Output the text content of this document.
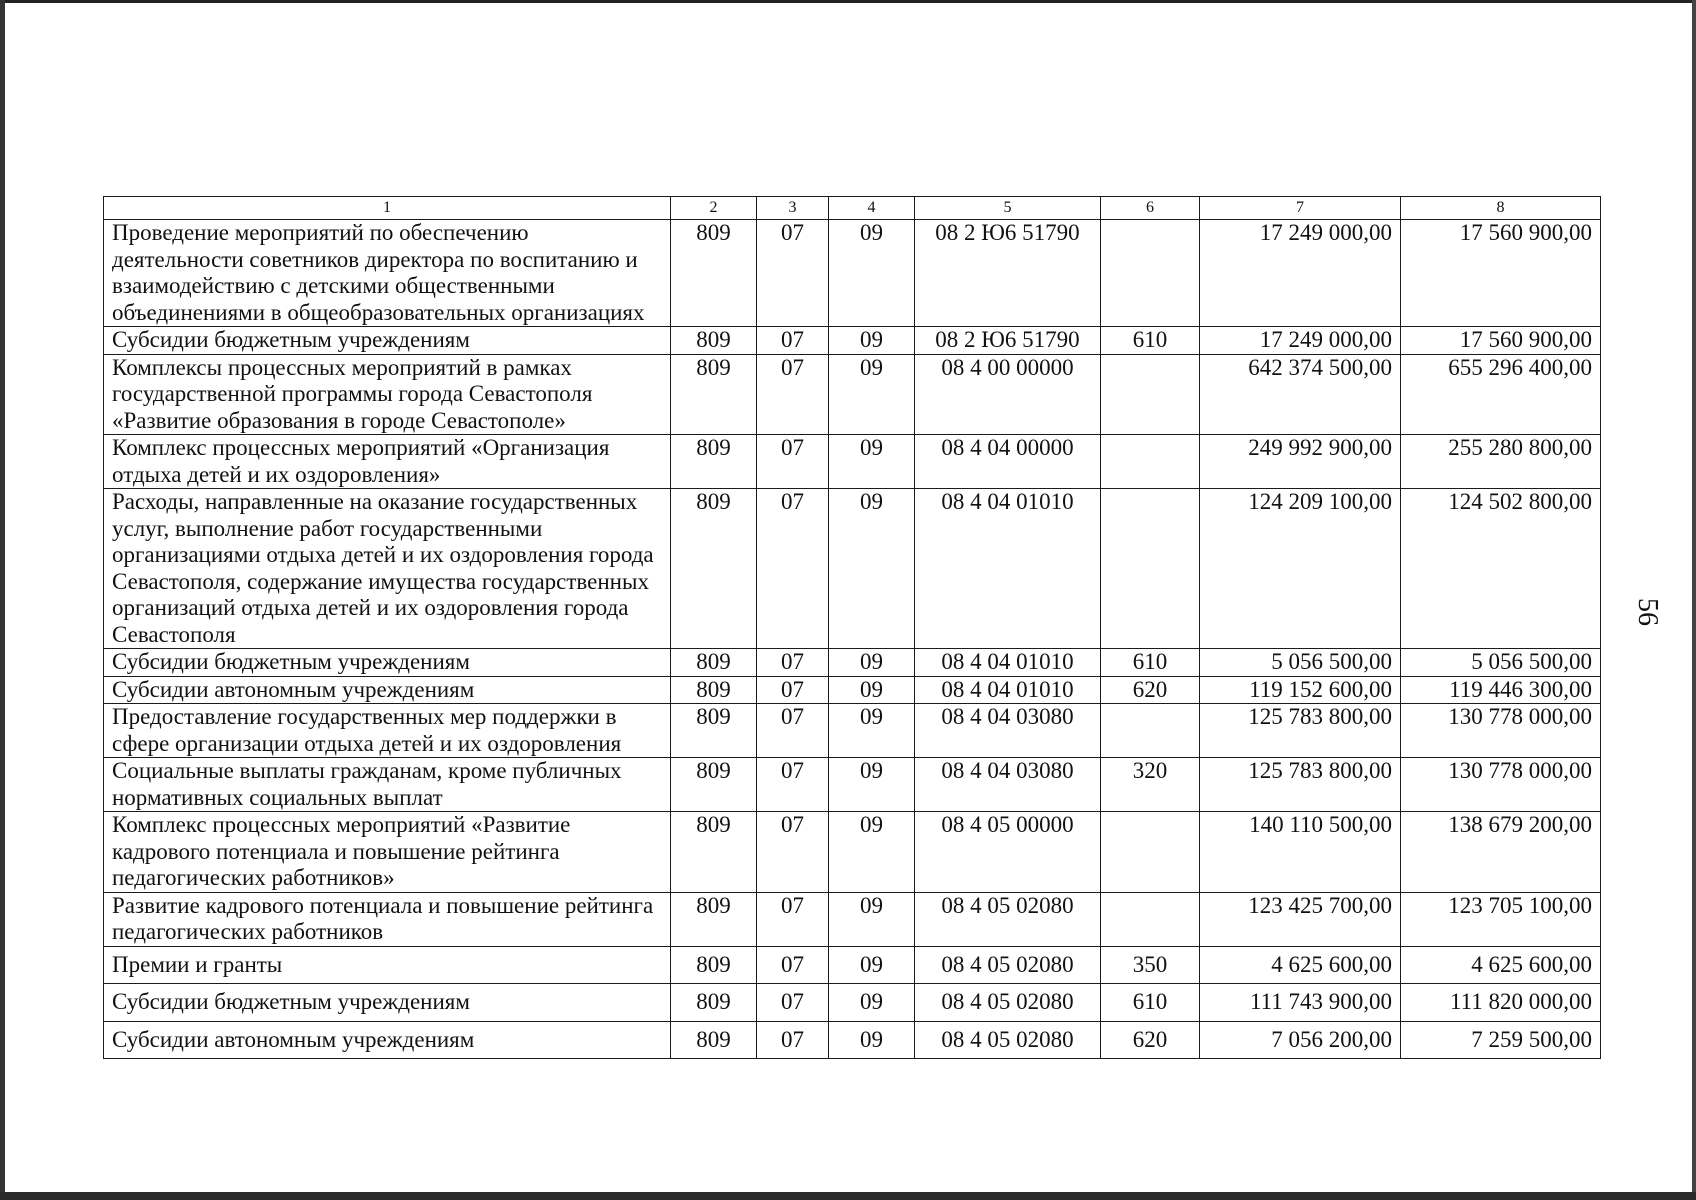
1	2	3	4	5	6	7	8
Проведение мероприятий по обеспечению деятельности советников директора по воспитанию и взаимодействию с детскими общественными объединениями в общеобразовательных организациях	809	07	09	08 2 Ю6 51790		17 249 000,00	17 560 900,00
Субсидии бюджетным учреждениям	809	07	09	08 2 Ю6 51790	610	17 249 000,00	17 560 900,00
Комплексы процессных мероприятий в рамках государственной программы города Севастополя «Развитие образования в городе Севастополе»	809	07	09	08 4 00 00000		642 374 500,00	655 296 400,00
Комплекс процессных мероприятий «Организация отдыха детей и их оздоровления»	809	07	09	08 4 04 00000		249 992 900,00	255 280 800,00
Расходы, направленные на оказание государственных услуг, выполнение работ государственными организациями отдыха детей и их оздоровления города Севастополя, содержание имущества государственных организаций отдыха детей и их оздоровления города Севастополя	809	07	09	08 4 04 01010		124 209 100,00	124 502 800,00
Субсидии бюджетным учреждениям	809	07	09	08 4 04 01010	610	5 056 500,00	5 056 500,00
Субсидии автономным учреждениям	809	07	09	08 4 04 01010	620	119 152 600,00	119 446 300,00
Предоставление государственных мер поддержки в сфере организации отдыха детей и их оздоровления	809	07	09	08 4 04 03080		125 783 800,00	130 778 000,00
Социальные выплаты гражданам, кроме публичных нормативных социальных выплат	809	07	09	08 4 04 03080	320	125 783 800,00	130 778 000,00
Комплекс процессных мероприятий «Развитие кадрового потенциала и повышение рейтинга педагогических работников»	809	07	09	08 4 05 00000		140 110 500,00	138 679 200,00
Развитие кадрового потенциала и повышение рейтинга педагогических работников	809	07	09	08 4 05 02080		123 425 700,00	123 705 100,00
Премии и гранты	809	07	09	08 4 05 02080	350	4 625 600,00	4 625 600,00
Субсидии бюджетным учреждениям	809	07	09	08 4 05 02080	610	111 743 900,00	111 820 000,00
Субсидии автономным учреждениям	809	07	09	08 4 05 02080	620	7 056 200,00	7 259 500,00
56
